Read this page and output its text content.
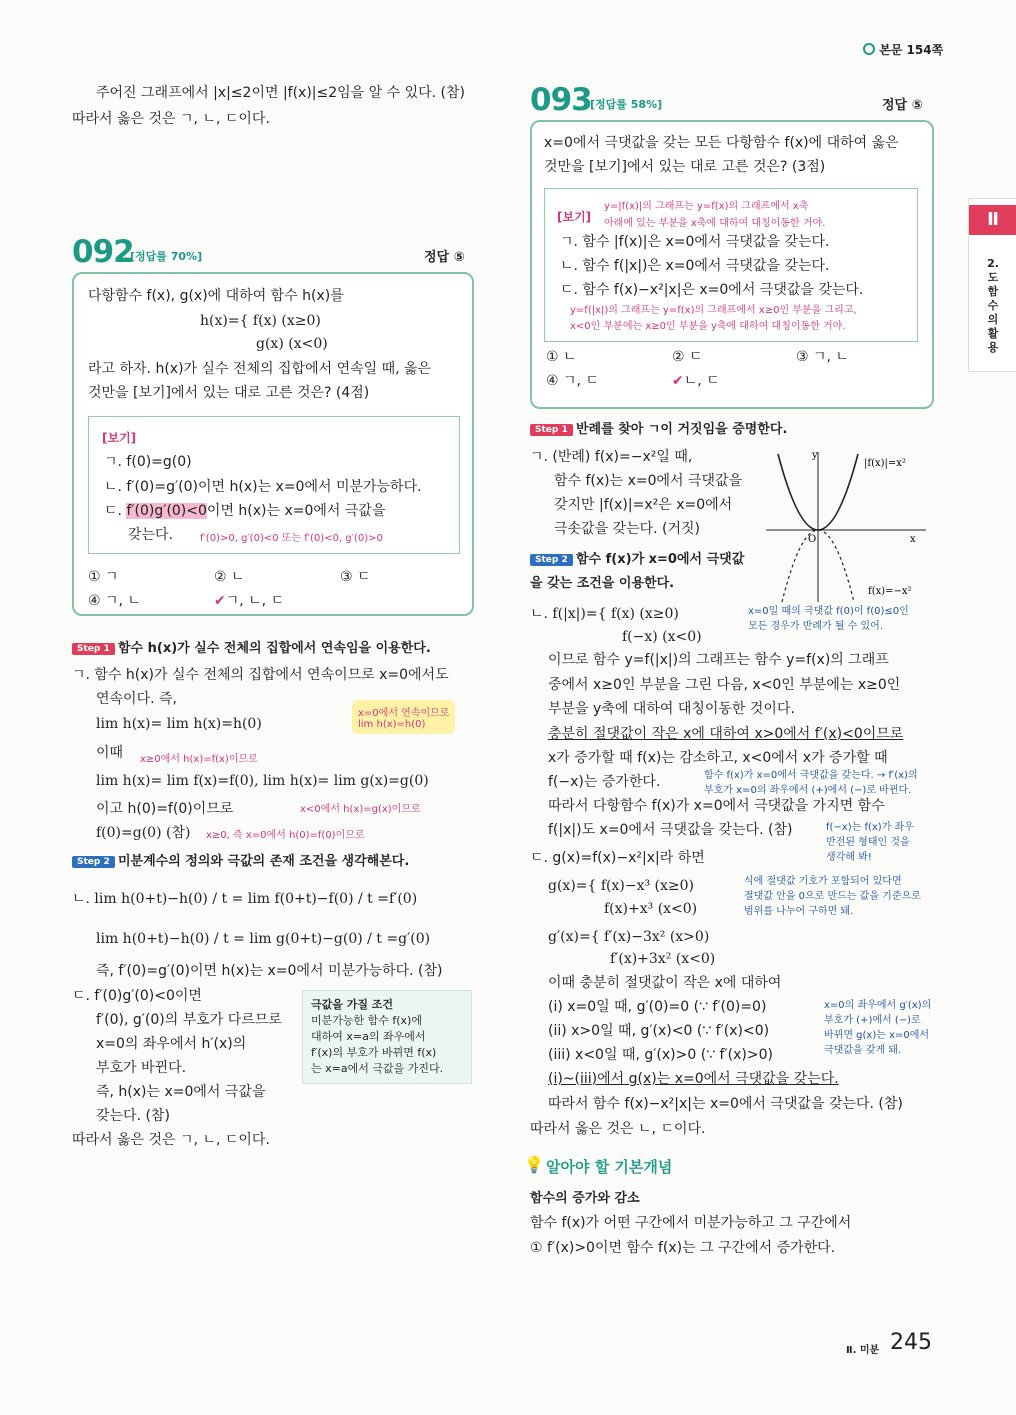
본문 154쪽
Ⅱ
2.
도
함
수
의
활
용
주어진 그래프에서 |x|≤2이면 |f(x)|≤2임을 알 수 있다. (참)
따라서 옳은 것은 ㄱ, ㄴ, ㄷ이다.
092
[정답률 70%]	정답 ⑤
다항함수 f(x), g(x)에 대하여 함수 h(x)를
h(x)={ f(x) (x≥0)
g(x) (x<0)
라고 하자. h(x)가 실수 전체의 집합에서 연속일 때, 옳은
것만을 [보기]에서 있는 대로 고른 것은? (4점)
[보기]
ㄱ. f(0)=g(0)
ㄴ. f′(0)=g′(0)이면 h(x)는 x=0에서 미분가능하다.
ㄷ. f′(0)g′(0)<0이면 h(x)는 x=0에서 극값을
갖는다.	f′(0)>0, g′(0)<0 또는 f′(0)<0, g′(0)>0
① ㄱ	② ㄴ	③ ㄷ
④ ㄱ, ㄴ	✔ㄱ, ㄴ, ㄷ
Step 1 함수 h(x)가 실수 전체의 집합에서 연속임을 이용한다.
ㄱ. 함수 h(x)가 실수 전체의 집합에서 연속이므로 x=0에서도
연속이다. 즉,
lim h(x)= lim h(x)=h(0)
x=0에서 연속이므로
lim h(x)=h(0)
이때 x≥0에서 h(x)=f(x)이므로
lim h(x)= lim f(x)=f(0), lim h(x)= lim g(x)=g(0)
이고 h(0)=f(0)이므로	x<0에서 h(x)=g(x)이므로
f(0)=g(0) (참) x≥0, 즉 x=0에서 h(0)=f(0)이므로
Step 2 미분계수의 정의와 극값의 존재 조건을 생각해본다.
ㄴ. lim h(0+t)−h(0) / t = lim f(0+t)−f(0) / t =f′(0)
lim h(0+t)−h(0) / t = lim g(0+t)−g(0) / t =g′(0)
즉, f′(0)=g′(0)이면 h(x)는 x=0에서 미분가능하다. (참)
ㄷ. f′(0)g′(0)<0이면
f′(0), g′(0)의 부호가 다르므로
x=0의 좌우에서 h′(x)의
부호가 바뀐다.
즉, h(x)는 x=0에서 극값을
갖는다. (참)
따라서 옳은 것은 ㄱ, ㄴ, ㄷ이다.
극값을 가질 조건
미분가능한 함수 f(x)에
대하여 x=a의 좌우에서
f′(x)의 부호가 바뀌면 f(x)
는 x=a에서 극값을 가진다.
093
[정답률 58%]	정답 ⑤
x=0에서 극댓값을 갖는 모든 다항함수 f(x)에 대하여 옳은
것만을 [보기]에서 있는 대로 고른 것은? (3점)
y=|f(x)|의 그래프는 y=f(x)의 그래프에서 x축
[보기] 아래에 있는 부분을 x축에 대하여 대칭이동한 거야.
ㄱ. 함수 |f(x)|은 x=0에서 극댓값을 갖는다.
ㄴ. 함수 f(|x|)은 x=0에서 극댓값을 갖는다.
ㄷ. 함수 f(x)−x²|x|은 x=0에서 극댓값을 갖는다.
y=f(|x|)의 그래프는 y=f(x)의 그래프에서 x≥0인 부분을 그리고,
x<0인 부분에는 x≥0인 부분을 y축에 대하여 대칭이동한 거야.
① ㄴ	② ㄷ	③ ㄱ, ㄴ
④ ㄱ, ㄷ	✔ㄴ, ㄷ
Step 1 반례를 찾아 ㄱ이 거짓임을 증명한다.
ㄱ. (반례) f(x)=−x²일 때,
함수 f(x)는 x=0에서 극댓값을
갖지만 |f(x)|=x²은 x=0에서
극솟값을 갖는다. (거짓)
y
x
O
|f(x)|=x²
f(x)=−x²
Step 2 함수 f(x)가 x=0에서 극댓값
을 갖는 조건을 이용한다.
ㄴ. f(|x|)={ f(x) (x≥0)
f(−x) (x<0)
x=0일 때의 극댓값 f(0)이 f(0)≤0인
모든 경우가 반례가 될 수 있어.
이므로 함수 y=f(|x|)의 그래프는 함수 y=f(x)의 그래프
중에서 x≥0인 부분을 그린 다음, x<0인 부분에는 x≥0인
부분을 y축에 대하여 대칭이동한 것이다.
충분히 절댓값이 작은 x에 대하여 x>0에서 f′(x)<0이므로
x가 증가할 때 f(x)는 감소하고, x<0에서 x가 증가할 때
함수 f(x)가 x=0에서 극댓값을 갖는다. → f′(x)의
부호가 x=0의 좌우에서 (+)에서 (−)로 바뀐다.
f(−x)는 증가한다.
따라서 다항함수 f(x)가 x=0에서 극댓값을 가지면 함수
f(|x|)도 x=0에서 극댓값을 갖는다. (참)	f(−x)는 f(x)가 좌우
반전된 형태인 것을
생각해 봐!
ㄷ. g(x)=f(x)−x²|x|라 하면
g(x)={ f(x)−x³ (x≥0)
f(x)+x³ (x<0)
식에 절댓값 기호가 포함되어 있다면
절댓값 안을 0으로 만드는 값을 기준으로
범위를 나누어 구하면 돼.
g′(x)={ f′(x)−3x² (x>0)
f′(x)+3x² (x<0)
이때 충분히 절댓값이 작은 x에 대하여
(i) x=0일 때, g′(0)=0 (∵ f′(0)=0)
(ii) x>0일 때, g′(x)<0 (∵ f′(x)<0)
(iii) x<0일 때, g′(x)>0 (∵ f′(x)>0)
x=0의 좌우에서 g′(x)의
부호가 (+)에서 (−)로
바뀌면 g(x)는 x=0에서
극댓값을 갖게 돼.
(i)~(iii)에서 g(x)는 x=0에서 극댓값을 갖는다.
따라서 함수 f(x)−x²|x|는 x=0에서 극댓값을 갖는다. (참)
따라서 옳은 것은 ㄴ, ㄷ이다.
💡 알아야 할 기본개념
함수의 증가와 감소
함수 f(x)가 어떤 구간에서 미분가능하고 그 구간에서
① f′(x)>0이면 함수 f(x)는 그 구간에서 증가한다.
Ⅱ. 미분 245
